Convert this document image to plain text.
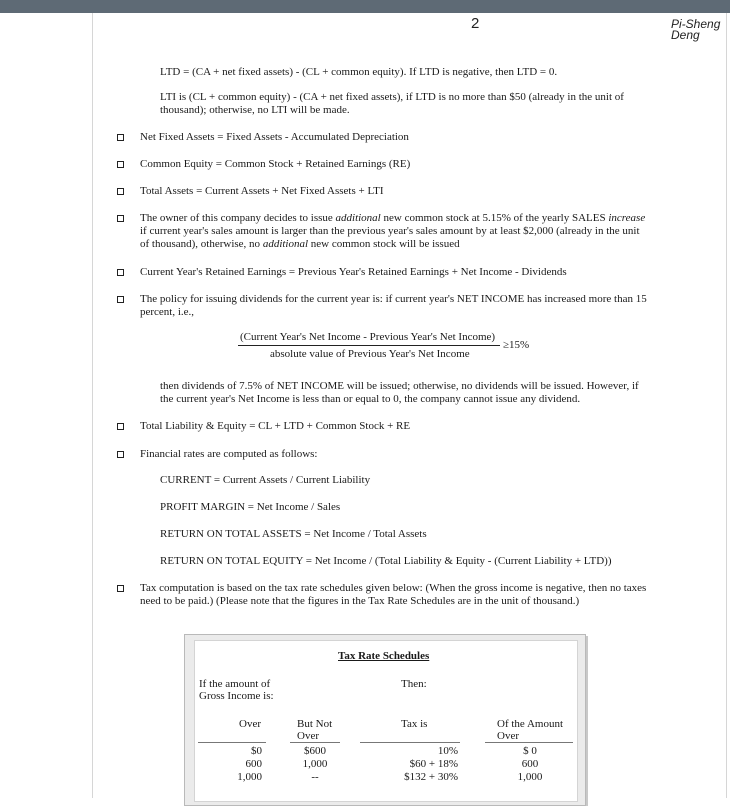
2	Pi-Sheng Deng
LTD = (CA + net fixed assets) - (CL + common equity). If LTD is negative, then LTD = 0.
LTI is (CL + common equity) - (CA + net fixed assets), if LTD is no more than $50 (already in the unit of
thousand); otherwise, no LTI will be made.
Net Fixed Assets = Fixed Assets - Accumulated Depreciation
Common Equity = Common Stock + Retained Earnings (RE)
Total Assets = Current Assets + Net Fixed Assets + LTI
The owner of this company decides to issue additional new common stock at 5.15% of the yearly SALES increase
if current year's sales amount is larger than the previous year's sales amount by at least $2,000 (already in the unit
of thousand), otherwise, no additional new common stock will be issued
Current Year's Retained Earnings = Previous Year's Retained Earnings + Net Income - Dividends
The policy for issuing dividends for the current year is: if current year's NET INCOME has increased more than 15
percent, i.e.,
(Current Year's Net Income - Previous Year's Net Income)
absolute value of Previous Year's Net Income
≥15%
then dividends of 7.5% of NET INCOME will be issued; otherwise, no dividends will be issued. However, if
the current year's Net Income is less than or equal to 0, the company cannot issue any dividend.
Total Liability & Equity = CL + LTD + Common Stock + RE
Financial rates are computed as follows:
CURRENT = Current Assets / Current Liability
PROFIT MARGIN = Net Income / Sales
RETURN ON TOTAL ASSETS = Net Income / Total Assets
RETURN ON TOTAL EQUITY = Net Income / (Total Liability & Equity - (Current Liability + LTD))
Tax computation is based on the tax rate schedules given below: (When the gross income is negative, then no taxes
need to be paid.) (Please note that the figures in the Tax Rate Schedules are in the unit of thousand.)
Tax Rate Schedules
If the amount of
Gross Income is:
Then:
Over	But Not
Over
Tax is	Of the Amount
Over
$0	$600	10%	$ 0
600	1,000	$60 + 18%	600
1,000	--	$132 + 30%	1,000
